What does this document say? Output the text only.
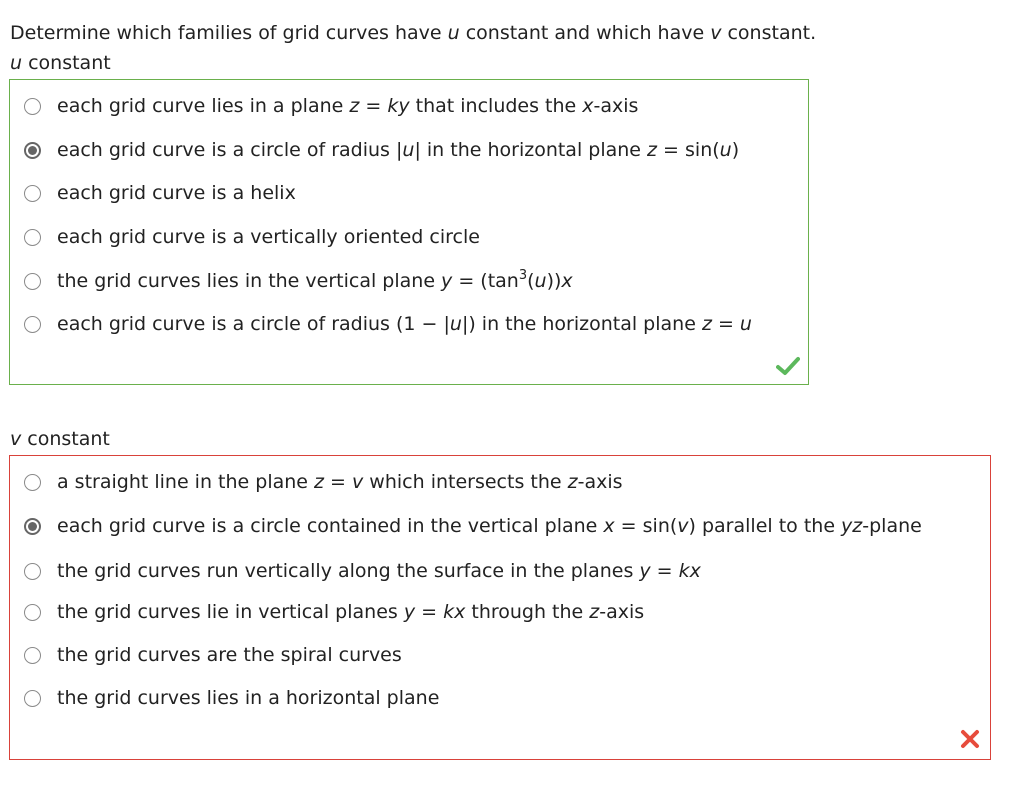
Determine which families of grid curves have u constant and which have v constant.

u constant

each grid curve lies in a plane z = ky that includes the x-axis
each grid curve is a circle of radius |u| in the horizontal plane z = sin(u)
each grid curve is a helix
each grid curve is a vertically oriented circle
the grid curves lies in the vertical plane $y = (\tan^3(u))x$
each grid curve is a circle of radius (1 − |u|) in the horizontal plane z = u

v constant

a straight line in the plane z = v which intersects the z-axis
each grid curve is a circle contained in the vertical plane x = sin(v) parallel to the yz-plane
the grid curves run vertically along the surface in the planes y = kx
the grid curves lie in vertical planes y = kx through the z-axis
the grid curves are the spiral curves
the grid curves lies in a horizontal plane
